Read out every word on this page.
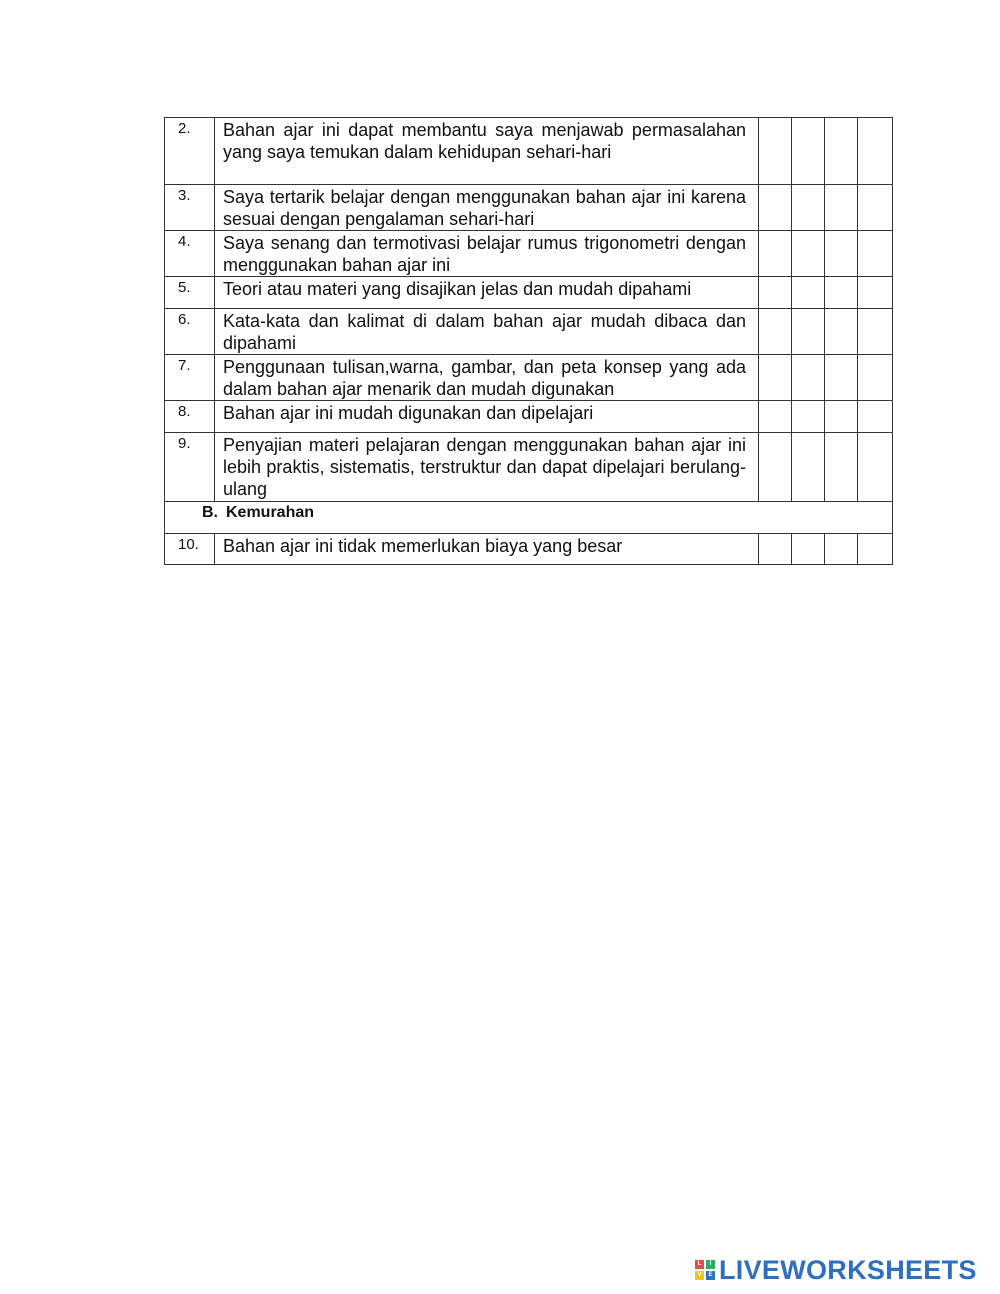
2.	Bahan ajar ini dapat membantu saya menjawab permasalahan yang saya temukan dalam kehidupan sehari-hari				
3.	Saya tertarik belajar dengan menggunakan bahan ajar ini karena sesuai dengan pengalaman sehari-hari				
4.	Saya senang dan termotivasi belajar rumus trigonometri dengan menggunakan bahan ajar ini				
5.	Teori atau materi yang disajikan jelas dan mudah dipahami				
6.	Kata-kata dan kalimat di dalam bahan ajar mudah dibaca dan dipahami				
7.	Penggunaan tulisan,warna, gambar, dan peta konsep yang ada dalam bahan ajar menarik dan mudah digunakan				
8.	Bahan ajar ini mudah digunakan dan dipelajari				
9.	Penyajian materi pelajaran dengan menggunakan bahan ajar ini lebih praktis, sistematis, terstruktur dan dapat dipelajari berulang-ulang				
B. Kemurahan					
10.	Bahan ajar ini tidak memerlukan biaya yang besar				
L	I
V	E LIVEWORKSHEETS
